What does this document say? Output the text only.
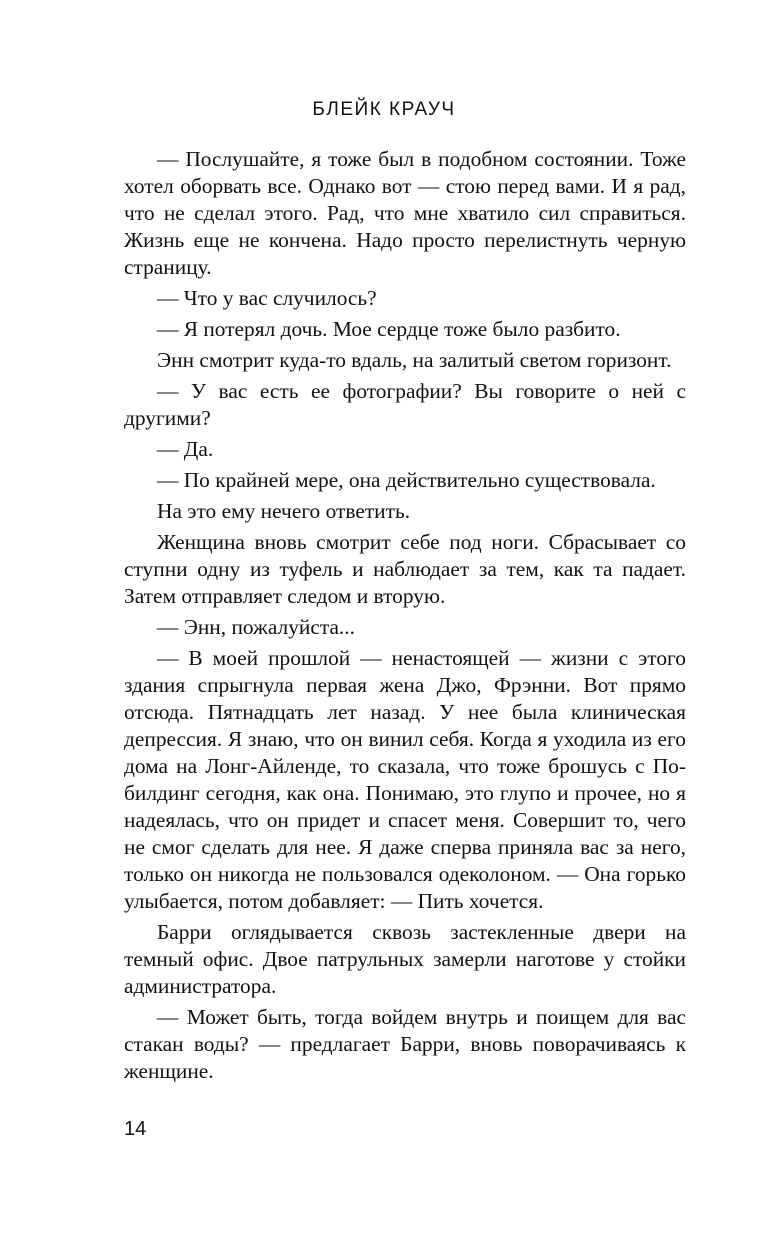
БЛЕЙК КРАУЧ

— Послушайте, я тоже был в подобном состоянии. Тоже хотел оборвать все. Однако вот — стою перед вами. И я рад, что не сделал этого. Рад, что мне хватило сил справиться. Жизнь еще не кончена. Надо просто перелистнуть черную страницу.

— Что у вас случилось?

— Я потерял дочь. Мое сердце тоже было разбито.

Энн смотрит куда-то вдаль, на залитый светом горизонт.

— У вас есть ее фотографии? Вы говорите о ней с другими?

— Да.

— По крайней мере, она действительно существовала.

На это ему нечего ответить.

Женщина вновь смотрит себе под ноги. Сбрасывает со ступни одну из туфель и наблюдает за тем, как та падает. Затем отправляет следом и вторую.

— Энн, пожалуйста...

— В моей прошлой — ненастоящей — жизни с этого здания спрыгнула первая жена Джо, Фрэнни. Вот прямо отсюда. Пятнадцать лет назад. У нее была клиническая депрессия. Я знаю, что он винил себя. Когда я уходила из его дома на Лонг-Айленде, то сказала, что тоже брошусь с По-билдинг сегодня, как она. Понимаю, это глупо и прочее, но я надеялась, что он придет и спасет меня. Совершит то, чего не смог сделать для нее. Я даже сперва приняла вас за него, только он никогда не пользовался одеколоном. — Она горько улыбается, потом добавляет: — Пить хочется.

Барри оглядывается сквозь застекленные двери на темный офис. Двое патрульных замерли наготове у стойки администратора.

— Может быть, тогда войдем внутрь и поищем для вас стакан воды? — предлагает Барри, вновь поворачиваясь к женщине.

14
